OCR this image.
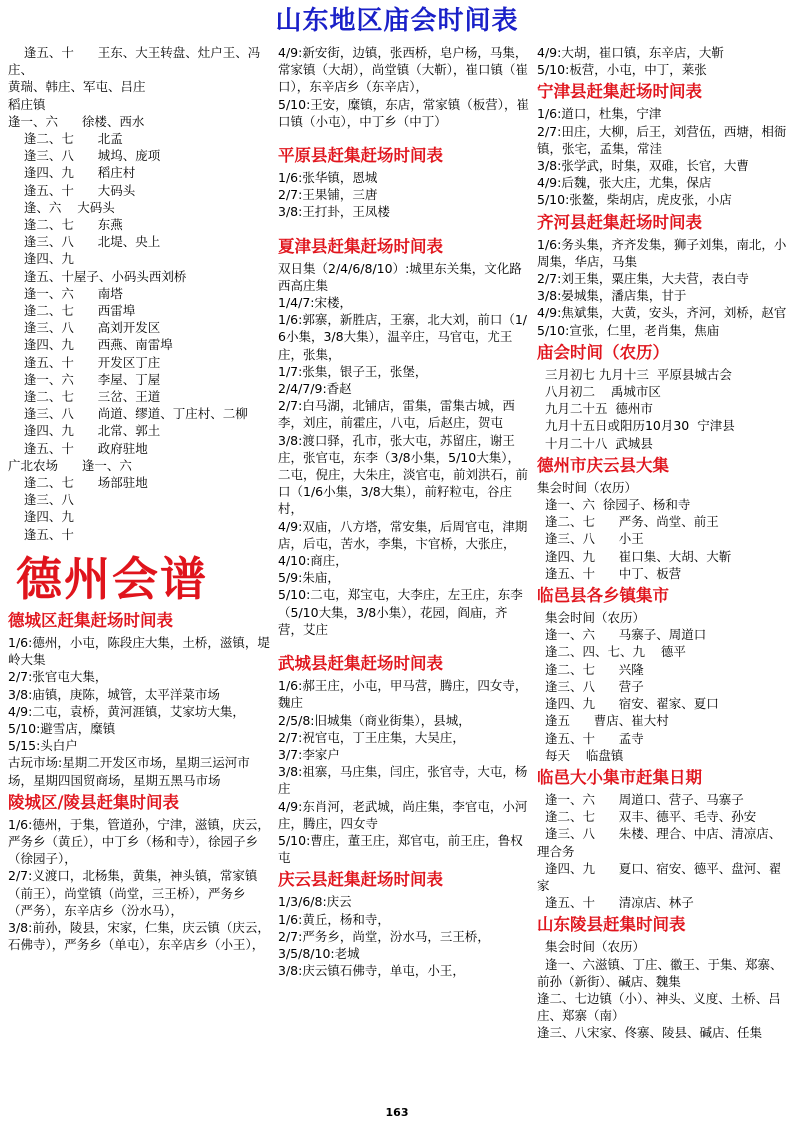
山东地区庙会时间表
逢五、十      王东、大王转盘、灶户王、冯庄、
黄瑞、韩庄、军屯、吕庄
稻庄镇
逢一、六      徐楼、西水
逢二、七      北孟
逢三、八      城坞、庞项
逢四、九      稻庄村
逢五、十      大码头
逢、六    大码头
逢二、七      东燕
逢三、八      北堤、央上
逢四、九
逢五、十屋子、小码头西刘桥
逢一、六      南塔
逢二、七      西雷埠
逢三、八      高刘开发区
逢四、九      西燕、南雷埠
逢五、十      开发区丁庄
逢一、六      李屋、丁屋
逢二、七      三岔、王道
逢三、八      尚道、缪道、丁庄村、二柳
逢四、九      北常、郭土
逢五、十      政府驻地
广北农场      逢一、六
逢二、七      场部驻地
逢三、八
逢四、九
逢五、十
德州会谱
德城区赶集赶场时间表
1/6:德州，小屯，陈段庄大集，土桥，滋镇，堤岭大集
2/7:张官屯大集，
3/8:庙镇，庚陈，城管，太平洋菜市场
4/9:二屯，袁桥，黄河涯镇，艾家坊大集，
5/10:避雪店，糜镇
5/15:头白户
古玩市场:星期二开发区市场，星期三运河市场，星期四国贸商场，星期五黑马市场
陵城区/陵县赶集时间表
1/6:德州，于集，管道孙，宁津，滋镇，庆云，严务乡（黄丘），中丁乡（杨和寺），徐园子乡（徐园子），
2/7:义渡口，北杨集，黄集，神头镇，常家镇（前王），尚堂镇（尚堂，三王桥），严务乡（严务），东辛店乡（汾水马），
3/8:前孙，陵县，宋家，仁集，庆云镇（庆云，石佛寺），严务乡（单屯），东辛店乡（小王），
4/9:新安街，边镇，张西桥，皂户杨，马集，常家镇（大胡），尚堂镇（大靳），崔口镇（崔口），东辛店乡（东辛店），
5/10:王安，糜镇，东店，常家镇（板营），崔口镇（小屯），中丁乡（中丁）
平原县赶集赶场时间表
1/6:张华镇，恩城
2/7:王果铺，三唐
3/8:王打卦，王凤楼
夏津县赶集赶场时间表
双日集（2/4/6/8/10）:城里东关集，文化路西高庄集
1/4/7:宋楼，
1/6:郭寨，新胜店，王寨，北大刘，前口（1/6小集，3/8大集），温辛庄，马官屯，尤王庄，张集，
1/7:张集，银子王，张堡，
2/4/7/9:香赵
2/7:白马湖，北铺店，雷集，雷集古城，西李，刘庄，前霍庄，八屯，后赵庄，贺屯
3/8:渡口驿，孔市，张大屯，苏留庄，谢王庄，张官屯，东李（3/8小集，5/10大集），二屯，倪庄，大朱庄，淡官屯，前刘洪石，前口（1/6小集，3/8大集），前籽粒屯，谷庄村，
4/9:双庙，八方塔，常安集，后周官屯，津期店，后屯，苦水，李集，卞官桥，大张庄，
4/10:商庄，
5/9:朱庙，
5/10:二屯，郑宝屯，大李庄，左王庄，东李（5/10大集，3/8小集），花园，阎庙，齐营，艾庄
武城县赶集赶场时间表
1/6:郝王庄，小屯，甲马营，腾庄，四女寺，魏庄
2/5/8:旧城集（商业街集），县城，
2/7:祝官屯，丁王庄集，大吴庄，
3/7:李家户
3/8:祖寨，马庄集，闫庄，张官寺，大屯，杨庄
4/9:东肖河，老武城，尚庄集，李官屯，小河庄，腾庄，四女寺
5/10:曹庄，董王庄，郑官屯，前王庄，鲁权屯
庆云县赶集赶场时间表
1/3/6/8:庆云
1/6:黄丘，杨和寺，
2/7:严务乡，尚堂，汾水马，三王桥，
3/5/8/10:老城
3/8:庆云镇石佛寺，单屯，小王，
4/9:大胡，崔口镇，东辛店，大靳
5/10:板营，小屯，中丁，莱张
宁津县赶集赶场时间表
1/6:道口，杜集，宁津
2/7:田庄，大柳，后王，刘营伍，西塘，相衙镇，张宅，孟集，常洼
3/8:张学武，时集，双碓，长官，大曹
4/9:后魏，张大庄，尤集，保店
5/10:张鳌，柴胡店，虎皮张，小店
齐河县赶集赶场时间表
1/6:务头集，齐齐发集，狮子刘集，南北，小周集，华店，马集
2/7:刘王集，粟庄集，大夫营，表白寺
3/8:晏城集，潘店集，甘于
4/9:焦斌集，大黄，安头，齐河，刘桥，赵官
5/10:宣张，仁里，老肖集，焦庙
庙会时间（农历）
三月初七 九月十三  平原县城古会
八月初二    禹城市区
九月二十五  德州市
九月十五日或阳历10月30  宁津县
十月二十八  武城县
德州市庆云县大集
集会时间（农历）
逢一、六  徐园子、杨和寺
逢二、七      严务、尚堂、前王
逢三、八      小王
逢四、九      崔口集、大胡、大靳
逢五、十      中丁、板营
临邑县各乡镇集市
集会时间（农历）
逢一、六      马寨子、周道口
逢二、四、七、九    德平
逢二、七      兴隆
逢三、八      营子
逢四、九      宿安、翟家、夏口
逢五      曹店、崔大村
逢五、十      孟寺
每天    临盘镇
临邑大小集市赶集日期
逢一、六      周道口、营子、马寨子
逢二、七      双丰、德平、毛寺、孙安
逢三、八      朱楼、理合、中店、清凉店、理合务
逢四、九      夏口、宿安、德平、盘河、翟家
逢五、十      清凉店、林子
山东陵县赶集时间表
集会时间（农历）
逢一、六滋镇、丁庄、徽王、于集、郑寨、前孙（新街）、碱店、魏集
逢二、七边镇（小）、神头、义度、土桥、吕庄、郑寨（南）
逢三、八宋家、佟寨、陵县、碱店、任集
163
